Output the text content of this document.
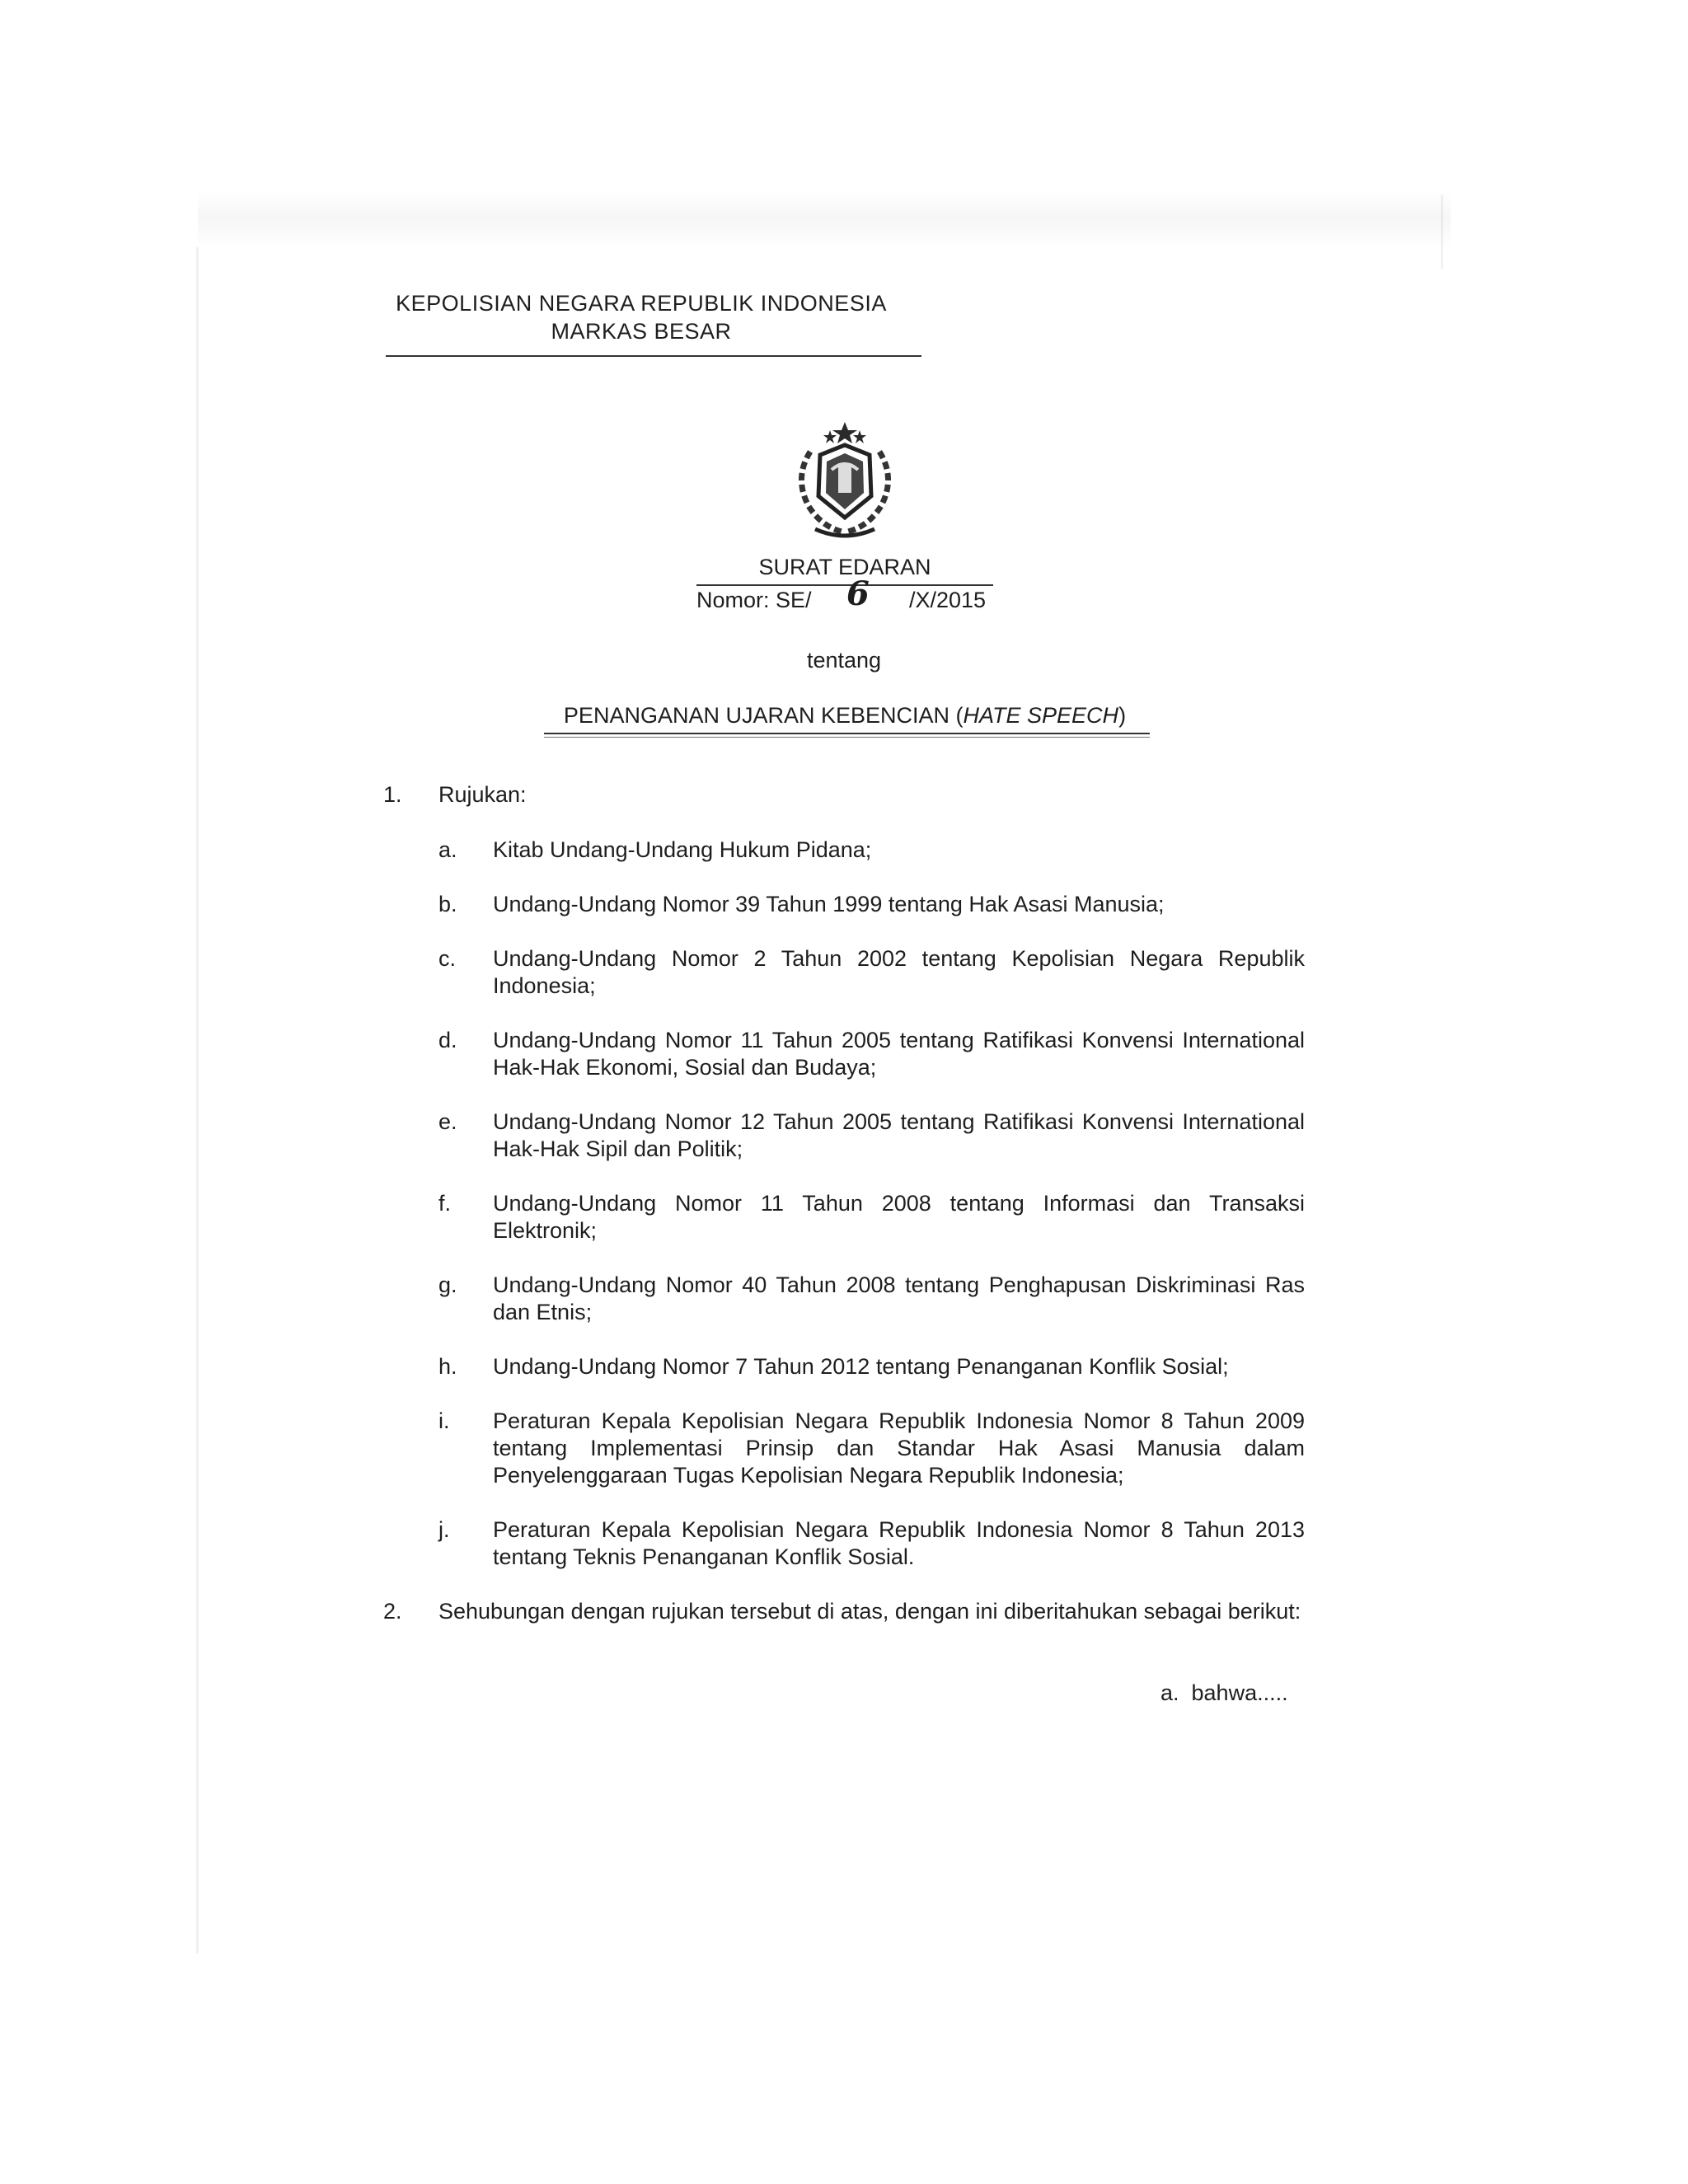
KEPOLISIAN NEGARA REPUBLIK INDONESIA
MARKAS BESAR
SURAT EDARAN
Nomor: SE/ 6 /X/2015
tentang
PENANGANAN UJARAN KEBENCIAN (HATE SPEECH)
1.	Rujukan:
a.	Kitab Undang-Undang Hukum Pidana;
b.	Undang-Undang Nomor 39 Tahun 1999 tentang Hak Asasi Manusia;
c.	Undang-Undang Nomor 2 Tahun 2002 tentang Kepolisian Negara Republik Indonesia;
d.	Undang-Undang Nomor 11 Tahun 2005 tentang Ratifikasi Konvensi International Hak-Hak Ekonomi, Sosial dan Budaya;
e.	Undang-Undang Nomor 12 Tahun 2005 tentang Ratifikasi Konvensi International Hak-Hak Sipil dan Politik;
f.	Undang-Undang Nomor 11 Tahun 2008 tentang Informasi dan Transaksi Elektronik;
g.	Undang-Undang Nomor 40 Tahun 2008 tentang Penghapusan Diskriminasi Ras dan Etnis;
h.	Undang-Undang Nomor 7 Tahun 2012 tentang Penanganan Konflik Sosial;
i.	Peraturan Kepala Kepolisian Negara Republik Indonesia Nomor 8 Tahun 2009 tentang Implementasi Prinsip dan Standar Hak Asasi Manusia dalam Penyelenggaraan Tugas Kepolisian Negara Republik Indonesia;
j.	Peraturan Kepala Kepolisian Negara Republik Indonesia Nomor 8 Tahun 2013 tentang Teknis Penanganan Konflik Sosial.
2.	Sehubungan dengan rujukan tersebut di atas, dengan ini diberitahukan sebagai berikut:
a.  bahwa.....
